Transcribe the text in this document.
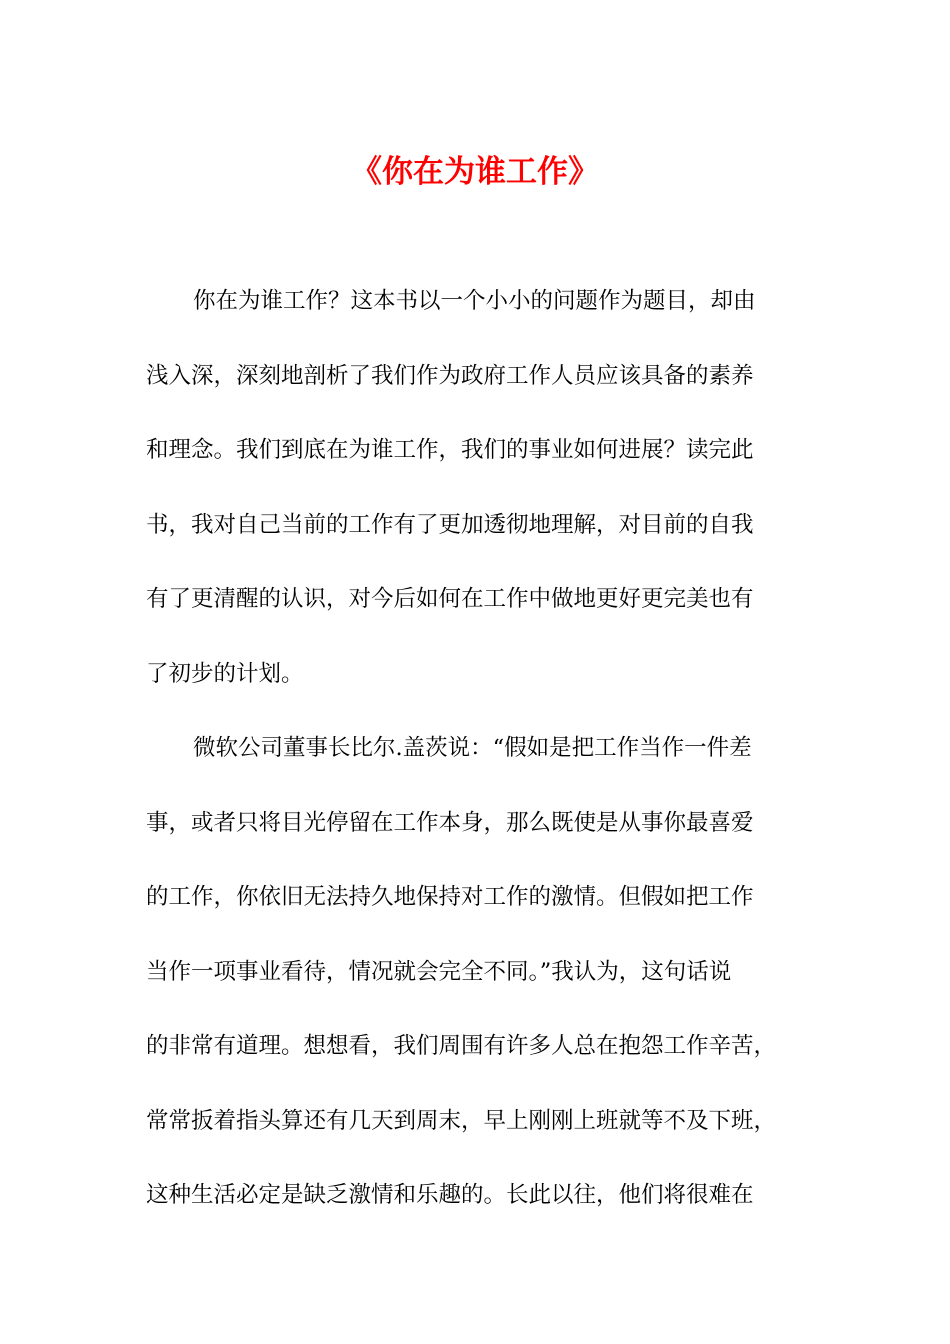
《你在为谁工作》
你在为谁工作？这本书以一个小小的问题作为题目，却由
浅入深，深刻地剖析了我们作为政府工作人员应该具备的素养
和理念。我们到底在为谁工作，我们的事业如何进展？读完此
书，我对自己当前的工作有了更加透彻地理解，对目前的自我
有了更清醒的认识，对今后如何在工作中做地更好更完美也有
了初步的计划。
微软公司董事长比尔.盖茨说：“假如是把工作当作一件差
事，或者只将目光停留在工作本身，那么既使是从事你最喜爱
的工作，你依旧无法持久地保持对工作的激情。但假如把工作
当作一项事业看待，情况就会完全不同。”我认为，这句话说
的非常有道理。想想看，我们周围有许多人总在抱怨工作辛苦，
常常扳着指头算还有几天到周末，早上刚刚上班就等不及下班，
这种生活必定是缺乏激情和乐趣的。长此以往，他们将很难在
